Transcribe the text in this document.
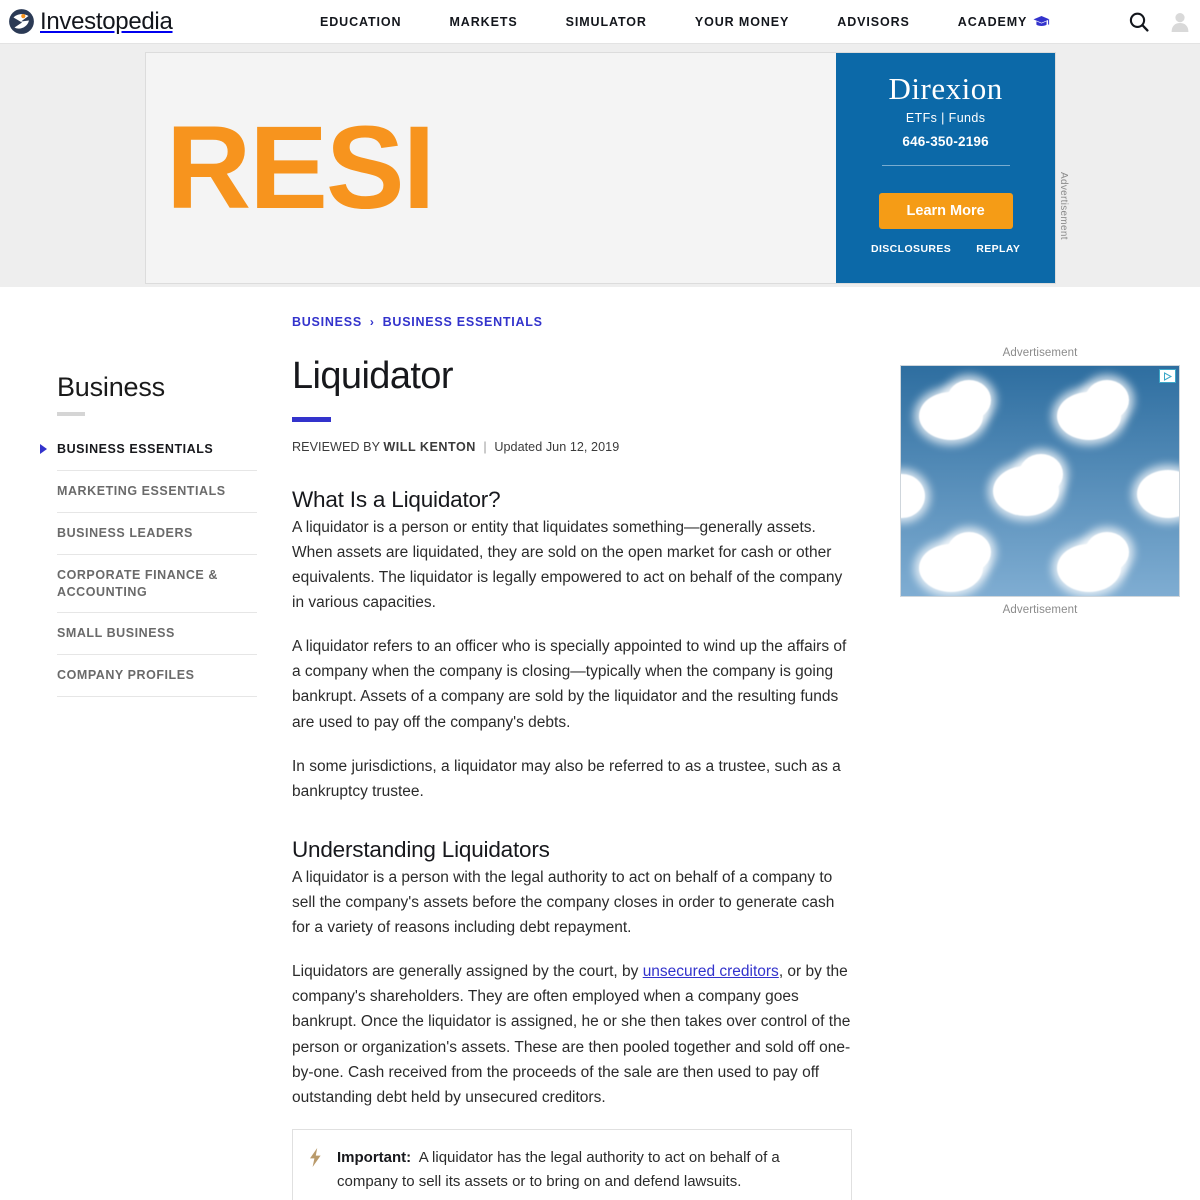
Investopedia	EDUCATION	MARKETS	SIMULATOR	YOUR MONEY	ADVISORS	ACADEMY
RESI
Direxion
ETFs | Funds
646-350-2196
Learn More
DISCLOSURES REPLAY
Advertisement
Business
BUSINESS ESSENTIALS
MARKETING ESSENTIALS
BUSINESS LEADERS
CORPORATE FINANCE & ACCOUNTING
SMALL BUSINESS
COMPANY PROFILES
BUSINESS › BUSINESS ESSENTIALS
Liquidator
REVIEWED BY WILL KENTON | Updated Jun 12, 2019
What Is a Liquidator?

A liquidator is a person or entity that liquidates something—generally assets. When assets are liquidated, they are sold on the open market for cash or other equivalents. The liquidator is legally empowered to act on behalf of the company in various capacities.

A liquidator refers to an officer who is specially appointed to wind up the affairs of a company when the company is closing—typically when the company is going bankrupt. Assets of a company are sold by the liquidator and the resulting funds are used to pay off the company's debts.

In some jurisdictions, a liquidator may also be referred to as a trustee, such as a bankruptcy trustee.

Understanding Liquidators

A liquidator is a person with the legal authority to act on behalf of a company to sell the company's assets before the company closes in order to generate cash for a variety of reasons including debt repayment.

Liquidators are generally assigned by the court, by unsecured creditors, or by the company's shareholders. They are often employed when a company goes bankrupt. Once the liquidator is assigned, he or she then takes over control of the person or organization's assets. These are then pooled together and sold off one-by-one. Cash received from the proceeds of the sale are then used to pay off outstanding debt held by unsecured creditors.

Important: A liquidator has the legal authority to act on behalf of a company to sell its assets or to bring on and defend lawsuits.
Advertisement
Advertisement
